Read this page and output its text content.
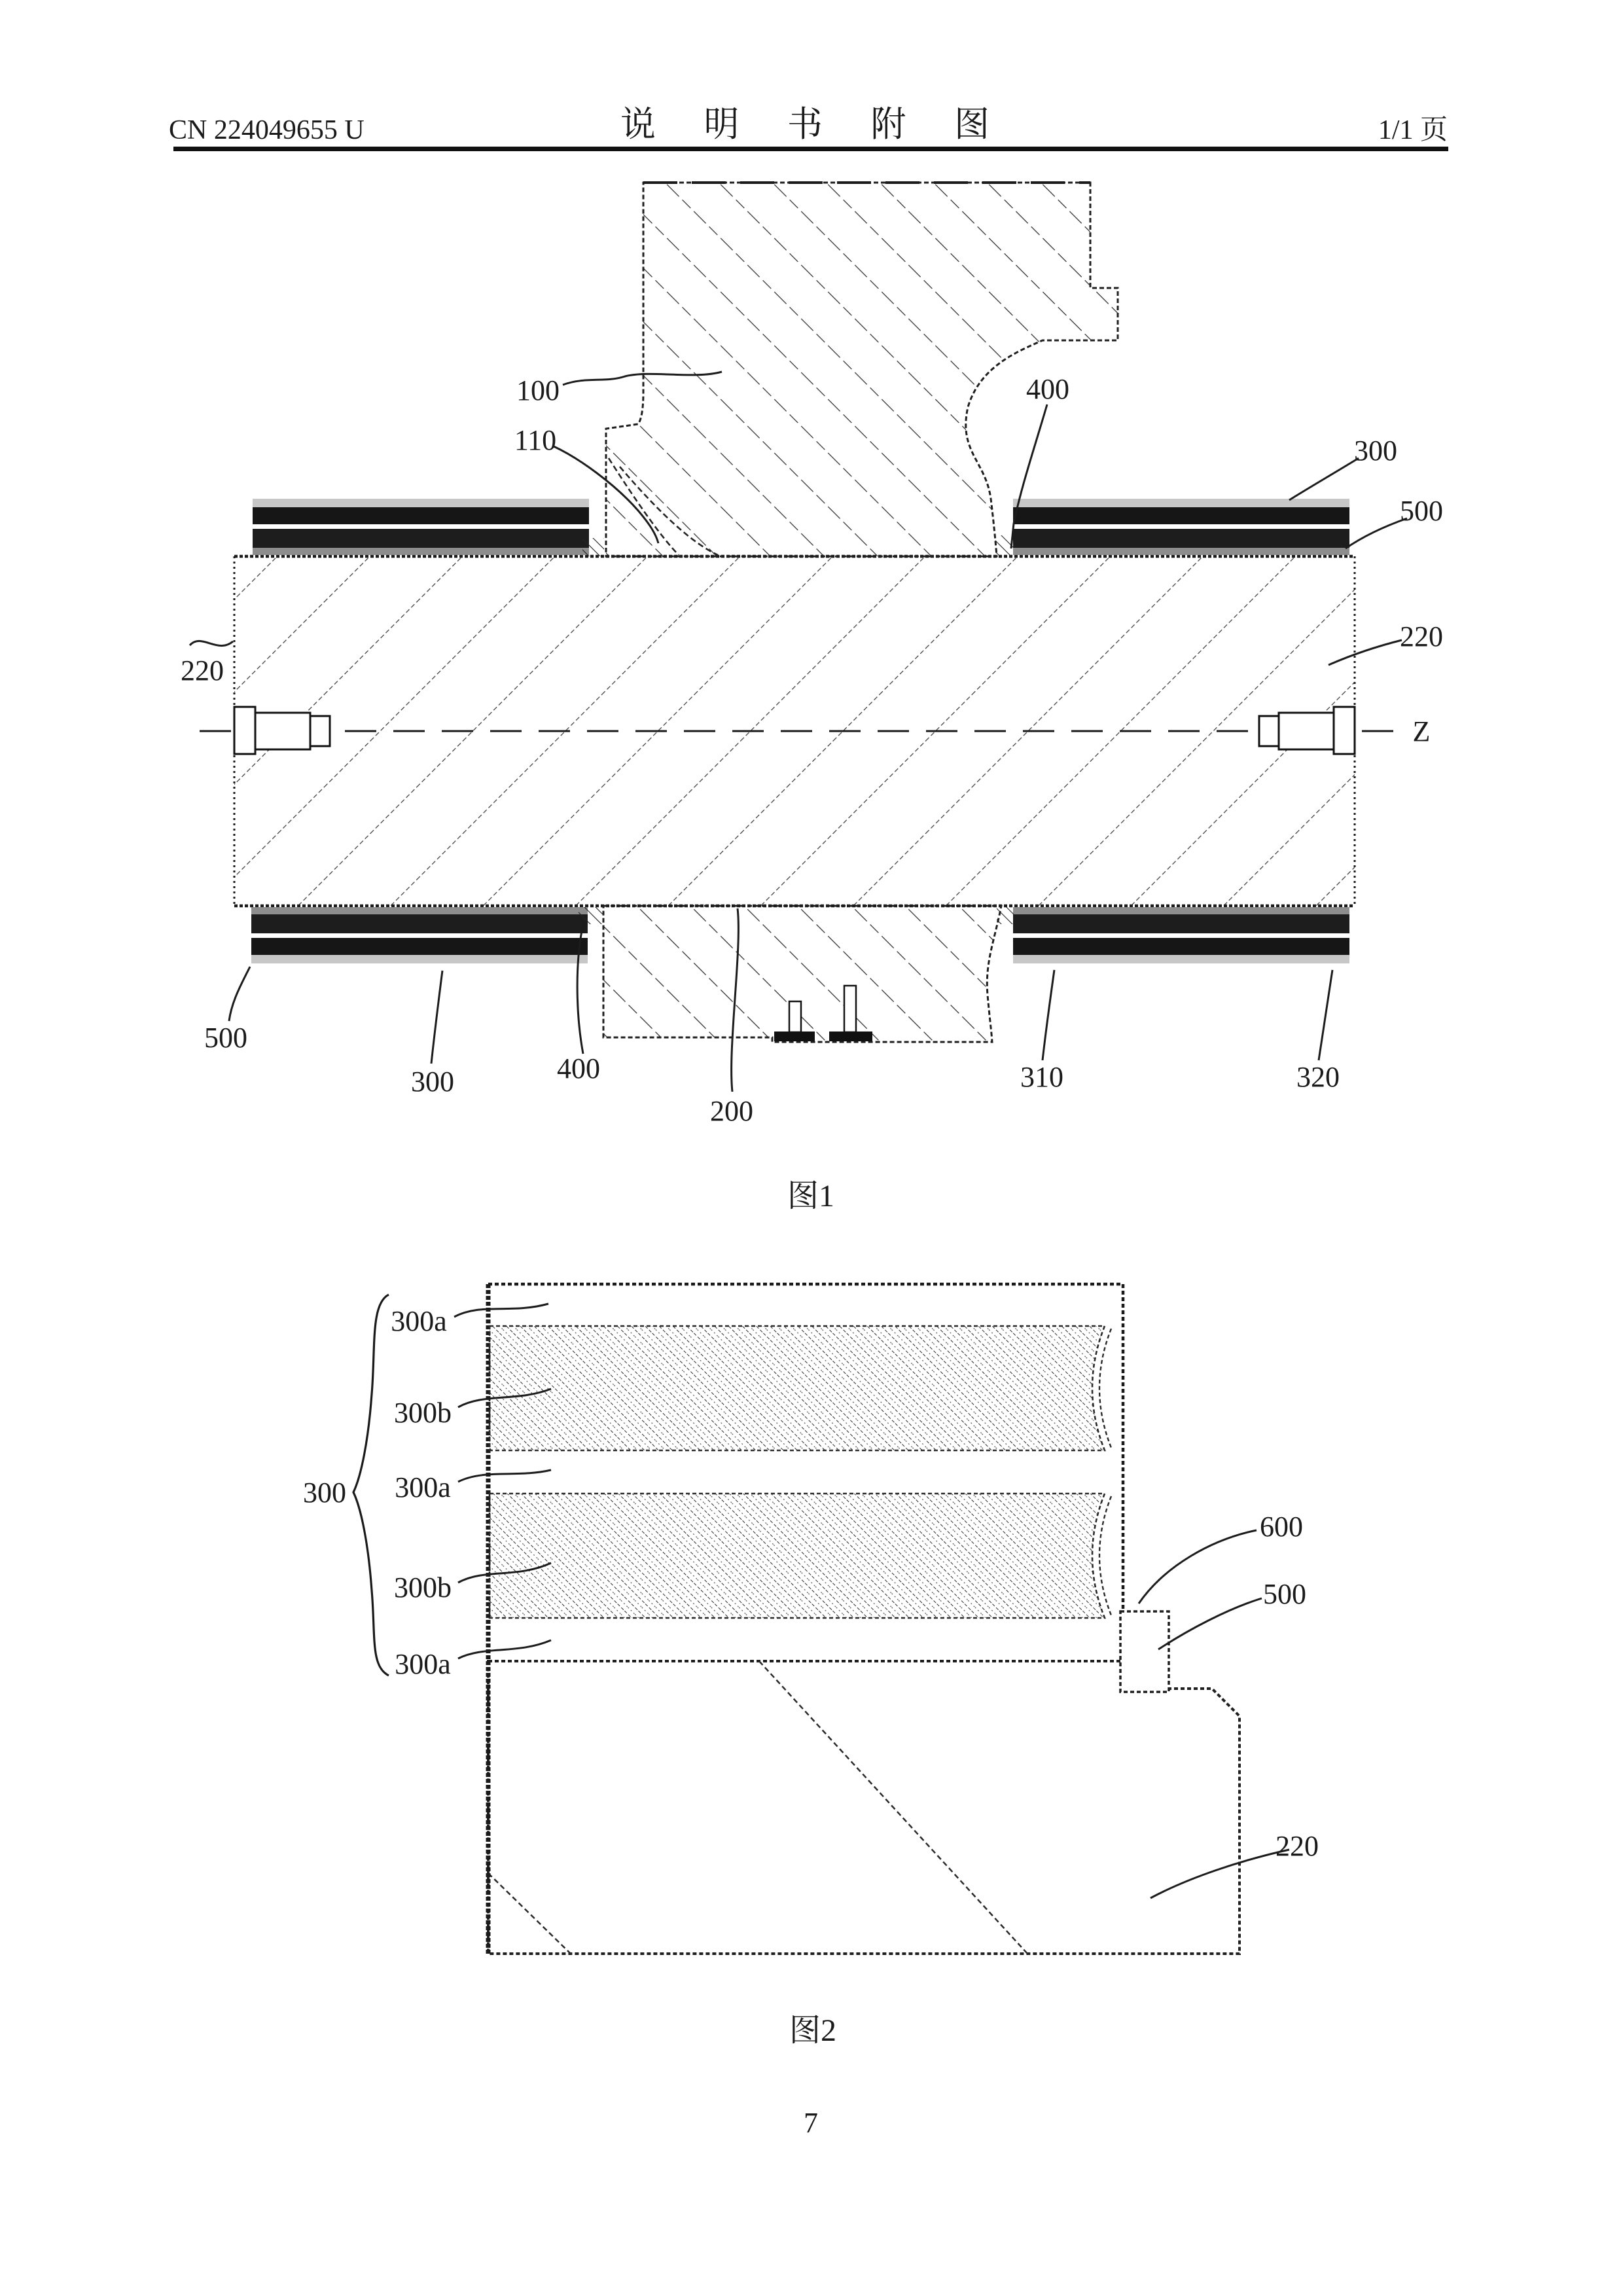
CN 224049655 U	说 明 书 附 图	1/1 页
100
110
400
300
500
220
220
Z
500
300	400
200
310	320
图1
300
300a
300b
300a
300b
300a
600
500
220
图2
7
